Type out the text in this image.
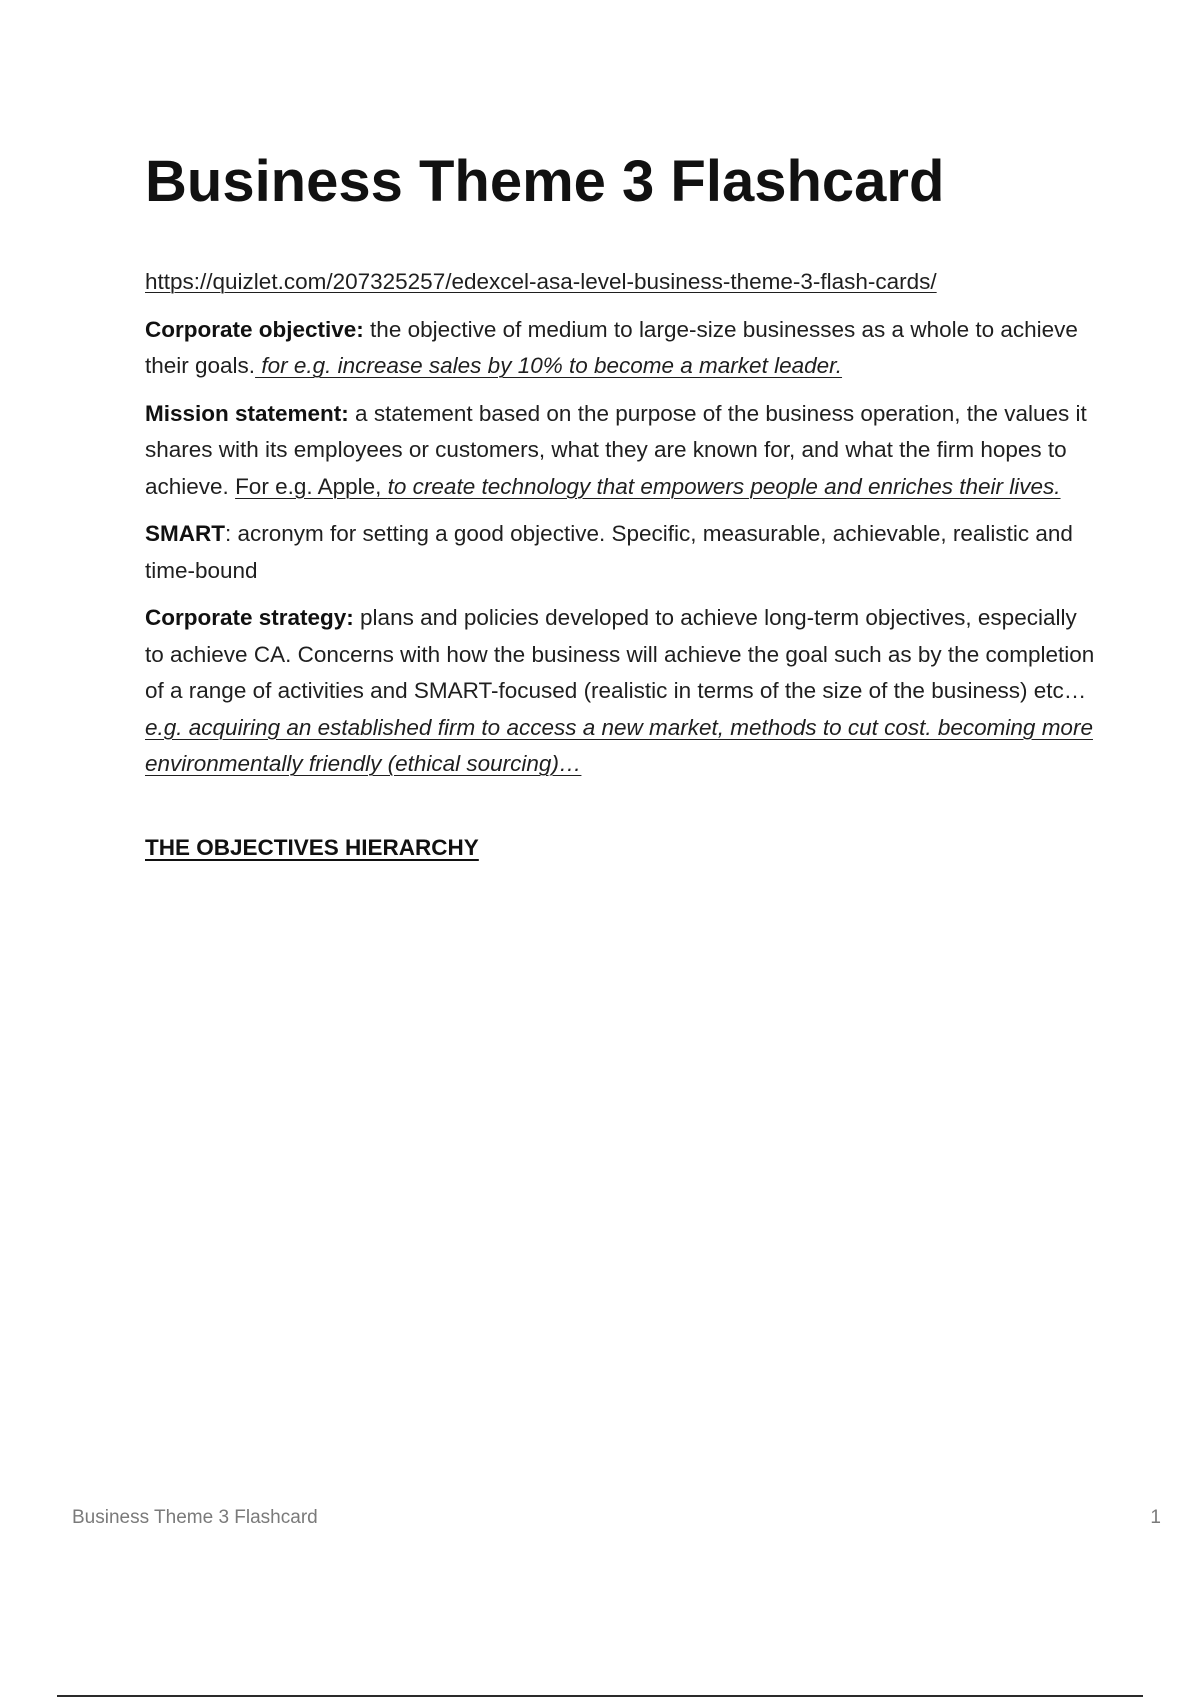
Business Theme 3 Flashcard

https://quizlet.com/207325257/edexcel-asa-level-business-theme-3-flash-cards/

Corporate objective: the objective of medium to large-size businesses as a whole to achieve their goals. for e.g. increase sales by 10% to become a market leader.

Mission statement: a statement based on the purpose of the business operation, the values it shares with its employees or customers, what they are known for, and what the firm hopes to achieve. For e.g. Apple, to create technology that empowers people and enriches their lives.

SMART: acronym for setting a good objective. Specific, measurable, achievable, realistic and time-bound

Corporate strategy: plans and policies developed to achieve long-term objectives, especially to achieve CA. Concerns with how the business will achieve the goal such as by the completion of a range of activities and SMART-focused (realistic in terms of the size of the business) etc… e.g. acquiring an established firm to access a new market, methods to cut cost. becoming more environmentally friendly (ethical sourcing)…

THE OBJECTIVES HIERARCHY

Business Theme 3 Flashcard	1
